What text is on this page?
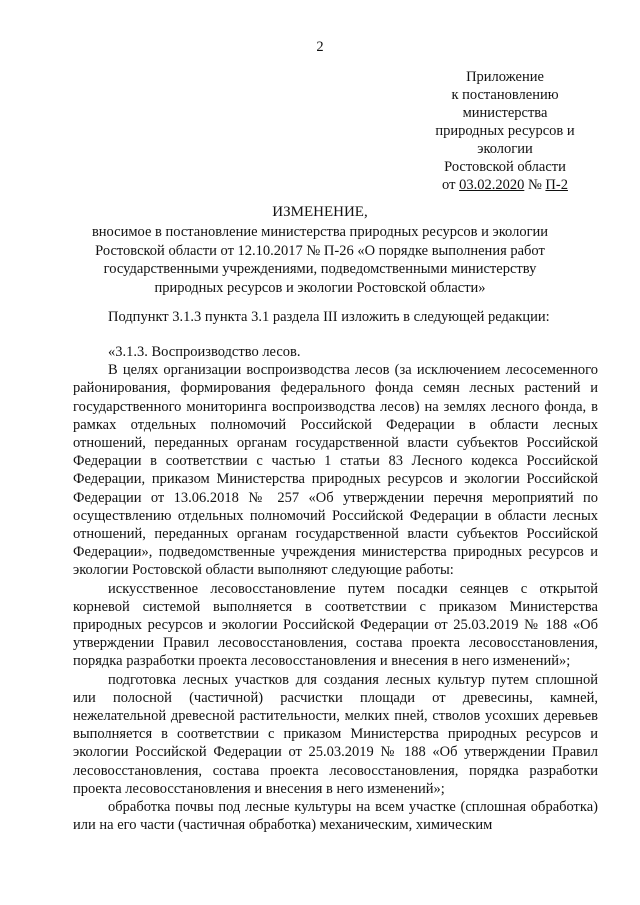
2
Приложение
к постановлению
министерства
природных ресурсов и
экологии
Ростовской области
от 03.02.2020 № П-2
ИЗМЕНЕНИЕ,
вносимое в постановление министерства природных ресурсов и экологии Ростовской области от 12.10.2017 № П-26 «О порядке выполнения работ государственными учреждениями, подведомственными министерству природных ресурсов и экологии Ростовской области»
Подпункт 3.1.3 пункта 3.1 раздела III изложить в следующей редакции:

«3.1.3. Воспроизводство лесов.

В целях организации воспроизводства лесов (за исключением лесосеменного районирования, формирования федерального фонда семян лесных растений и государственного мониторинга воспроизводства лесов) на землях лесного фонда, в рамках отдельных полномочий Российской Федерации в области лесных отношений, переданных органам государственной власти субъектов Российской Федерации в соответствии с частью 1 статьи 83 Лесного кодекса Российской Федерации, приказом Министерства природных ресурсов и экологии Российской Федерации от 13.06.2018 № 257 «Об утверждении перечня мероприятий по осуществлению отдельных полномочий Российской Федерации в области лесных отношений, переданных органам государственной власти субъектов Российской Федерации», подведомственные учреждения министерства природных ресурсов и экологии Ростовской области выполняют следующие работы:

искусственное лесовосстановление путем посадки сеянцев с открытой корневой системой выполняется в соответствии с приказом Министерства природных ресурсов и экологии Российской Федерации от 25.03.2019 № 188 «Об утверждении Правил лесовосстановления, состава проекта лесовосстановления, порядка разработки проекта лесовосстановления и внесения в него изменений»;

подготовка лесных участков для создания лесных культур путем сплошной или полосной (частичной) расчистки площади от древесины, камней, нежелательной древесной растительности, мелких пней, стволов усохших деревьев выполняется в соответствии с приказом Министерства природных ресурсов и экологии Российской Федерации от 25.03.2019 № 188 «Об утверждении Правил лесовосстановления, состава проекта лесовосстановления, порядка разработки проекта лесовосстановления и внесения в него изменений»;

обработка почвы под лесные культуры на всем участке (сплошная обработка) или на его части (частичная обработка) механическим, химическим
